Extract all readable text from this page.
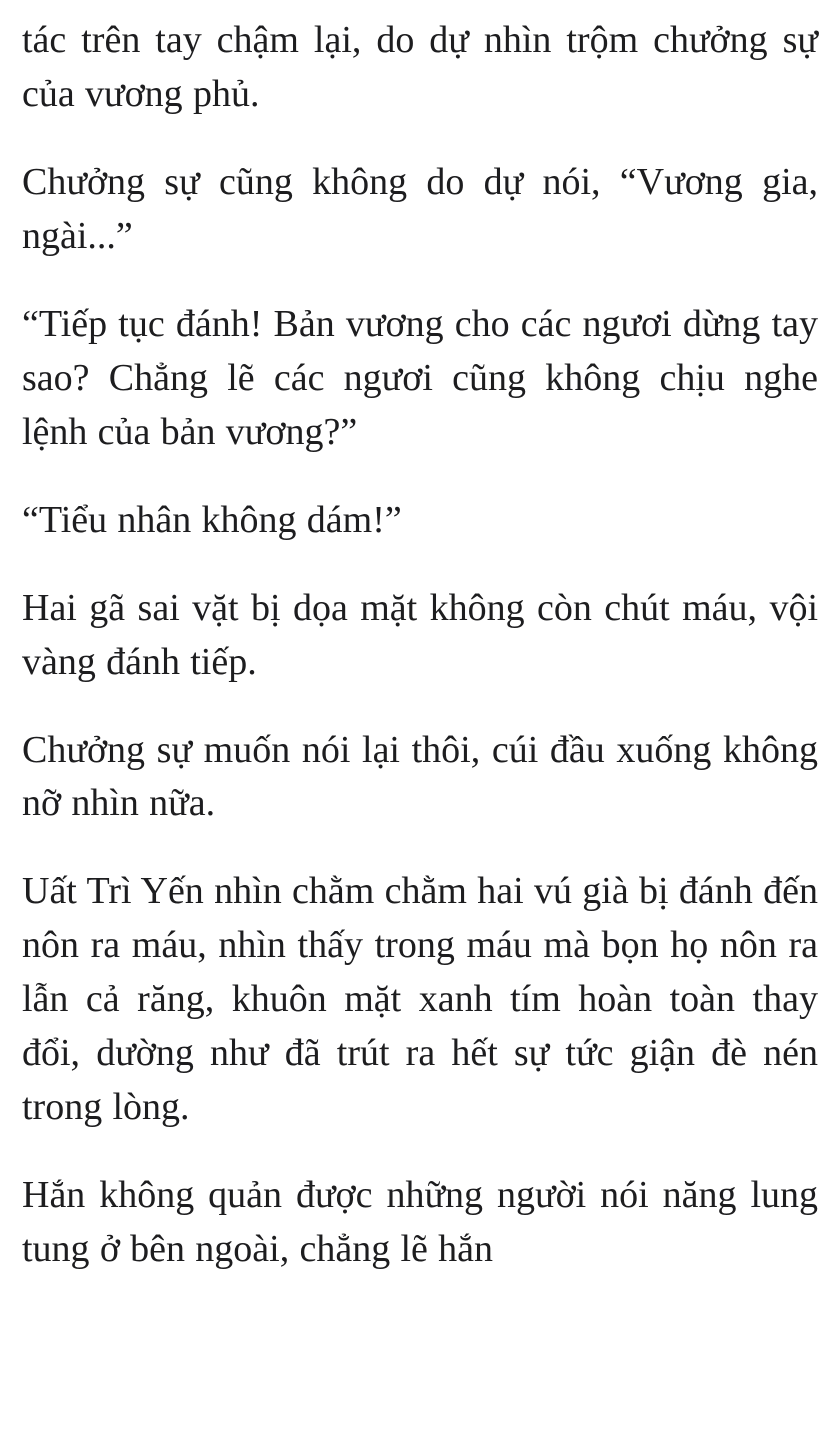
tác trên tay chậm lại, do dự nhìn trộm chưởng sự của vương phủ.

Chưởng sự cũng không do dự nói, “Vương gia, ngài...”

“Tiếp tục đánh! Bản vương cho các ngươi dừng tay sao? Chẳng lẽ các ngươi cũng không chịu nghe lệnh của bản vương?”

“Tiểu nhân không dám!”

Hai gã sai vặt bị dọa mặt không còn chút máu, vội vàng đánh tiếp.

Chưởng sự muốn nói lại thôi, cúi đầu xuống không nỡ nhìn nữa.

Uất Trì Yến nhìn chằm chằm hai vú già bị đánh đến nôn ra máu, nhìn thấy trong máu mà bọn họ nôn ra lẫn cả răng, khuôn mặt xanh tím hoàn toàn thay đổi, dường như đã trút ra hết sự tức giận đè nén trong lòng.

Hắn không quản được những người nói năng lung tung ở bên ngoài, chẳng lẽ hắn
